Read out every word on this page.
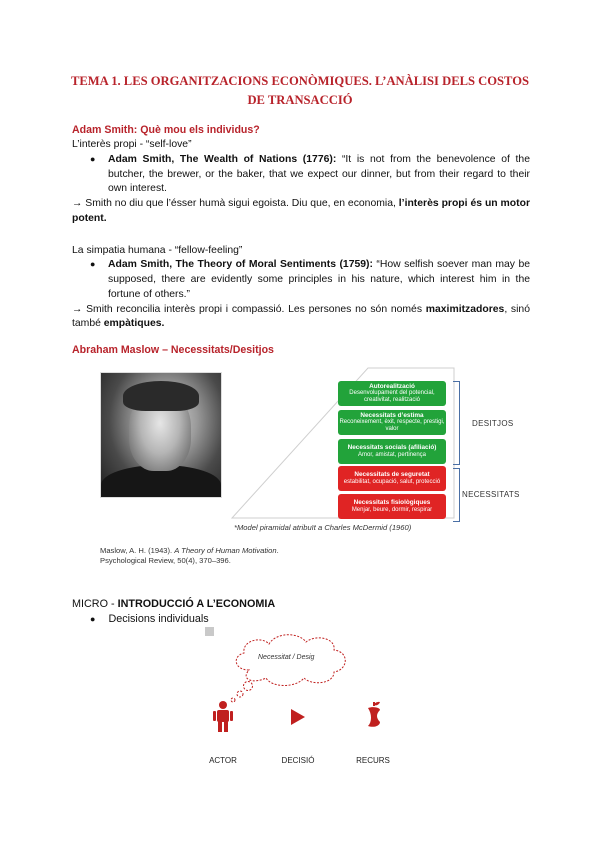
TEMA 1. LES ORGANITZACIONS ECONÒMIQUES. L’ANÀLISI DELS COSTOS
DE TRANSACCIÓ
Adam Smith: Què mou els individus?
L’interès propi - “self-love”
● Adam Smith, The Wealth of Nations (1776): “It is not from the benevolence of the butcher, the brewer, or the baker, that we expect our dinner, but from their regard to their own interest.
→ Smith no diu que l’ésser humà sigui egoista. Diu que, en economia, l’interès propi és un motor potent.
La simpatia humana - “fellow-feeling”
● Adam Smith, The Theory of Moral Sentiments (1759): “How selfish soever man may be supposed, there are evidently some principles in his nature, which interest him in the fortune of others.”
→ Smith reconcilia interès propi i compassió. Les persones no són només maximitzadores, sinó també empàtiques.
Abraham Maslow – Necessitats/Desitjos
Autorealització
Desenvolupament del potencial, creativitat, realització
Necessitats d’estima
Reconeixement, èxit, respecte, prestigi, valor
Necessitats socials (afiliació)
Amor, amistat, pertinença
Necessitats de seguretat
estabilitat, ocupació, salut, protecció
Necessitats fisiològiques
Menjar, beure, dormir, respirar
DESITJOS
NECESSITATS
*Model piramidal atribuït a Charles McDermid (1960)
Maslow, A. H. (1943). A Theory of Human Motivation.
Psychological Review, 50(4), 370–396.
MICRO - INTRODUCCIÓ A L’ECONOMIA
● Decisions individuals
Necessitat / Desig
ACTOR	DECISIÓ	RECURS
